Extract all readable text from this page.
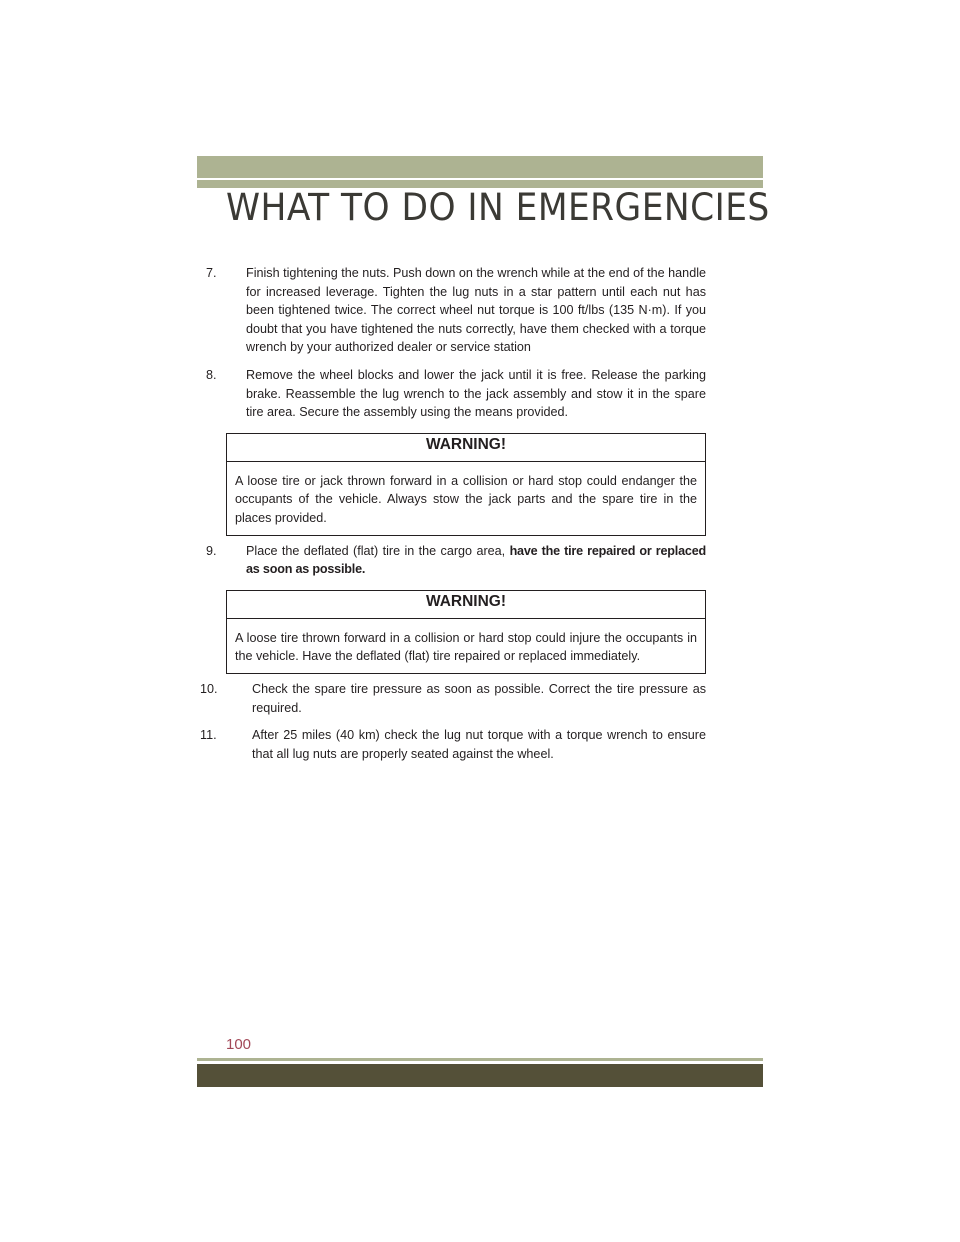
WHAT TO DO IN EMERGENCIES
7. Finish tightening the nuts. Push down on the wrench while at the end of the handle for increased leverage. Tighten the lug nuts in a star pattern until each nut has been tightened twice. The correct wheel nut torque is 100 ft/lbs (135 N·m). If you doubt that you have tightened the nuts correctly, have them checked with a torque wrench by your authorized dealer or service station
8. Remove the wheel blocks and lower the jack until it is free. Release the parking brake. Reassemble the lug wrench to the jack assembly and stow it in the spare tire area. Secure the assembly using the means provided.
WARNING!

A loose tire or jack thrown forward in a collision or hard stop could endanger the occupants of the vehicle. Always stow the jack parts and the spare tire in the places provided.

9. Place the deflated (flat) tire in the cargo area, have the tire repaired or replaced as soon as possible.
WARNING!

A loose tire thrown forward in a collision or hard stop could injure the occupants in the vehicle. Have the deflated (flat) tire repaired or replaced immediately.

10.	Check the spare tire pressure as soon as possible. Correct the tire pressure as required.
11.	After 25 miles (40 km) check the lug nut torque with a torque wrench to ensure that all lug nuts are properly seated against the wheel.
100
